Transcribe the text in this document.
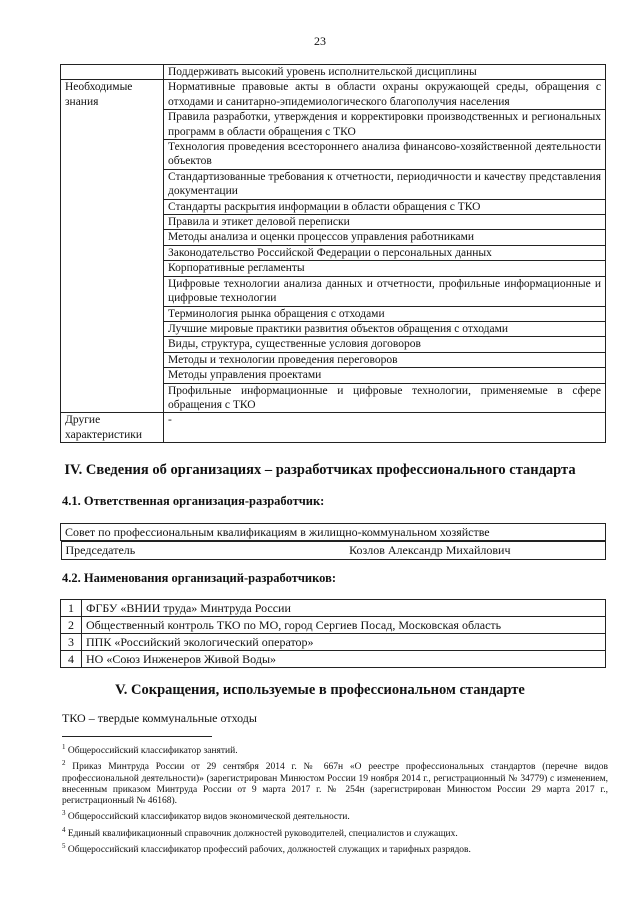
23
	Поддерживать высокий уровень исполнительской дисциплины
Необходимые знания	Нормативные правовые акты в области охраны окружающей среды, обращения с отходами и санитарно-эпидемиологического благополучия населения
	Правила разработки, утверждения и корректировки производственных и региональных программ в области обращения с ТКО
	Технология проведения всестороннего анализа финансово-хозяйственной деятельности объектов
	Стандартизованные требования к отчетности, периодичности и качеству представления документации
	Стандарты раскрытия информации в области обращения с ТКО
	Правила и этикет деловой переписки
	Методы анализа и оценки процессов управления работниками
	Законодательство Российской Федерации о персональных данных
	Корпоративные регламенты
	Цифровые технологии анализа данных и отчетности, профильные информационные и цифровые технологии
	Терминология рынка обращения с отходами
	Лучшие мировые практики развития объектов обращения с отходами
	Виды, структура, существенные условия договоров
	Методы и технологии проведения переговоров
	Методы управления проектами
	Профильные информационные и цифровые технологии, применяемые в сфере обращения с ТКО
Другие характеристики	-
IV. Сведения об организациях – разработчиках профессионального стандарта
4.1. Ответственная организация-разработчик:
Совет по профессиональным квалификациям в жилищно-коммунальном хозяйстве

Председатель	Козлов Александр Михайлович
4.2. Наименования организаций-разработчиков:
1	ФГБУ «ВНИИ труда» Минтруда России
2	Общественный контроль ТКО по МО, город Сергиев Посад, Московская область
3	ППК «Российский экологический оператор»
4	НО «Союз Инженеров Живой Воды»
V. Сокращения, используемые в профессиональном стандарте
ТКО – твердые коммунальные отходы

$^1$ Общероссийский классификатор занятий.

$^2$ Приказ Минтруда России от 29 сентября 2014 г. № 667н «О реестре профессиональных стандартов (перечне видов профессиональной деятельности)» (зарегистрирован Минюстом России 19 ноября 2014 г., регистрационный № 34779) с изменением, внесенным приказом Минтруда России от 9 марта 2017 г. № 254н (зарегистрирован Минюстом России 29 марта 2017 г., регистрационный № 46168).

$^3$ Общероссийский классификатор видов экономической деятельности.

$^4$ Единый квалификационный справочник должностей руководителей, специалистов и служащих.

$^5$ Общероссийский классификатор профессий рабочих, должностей служащих и тарифных разрядов.
